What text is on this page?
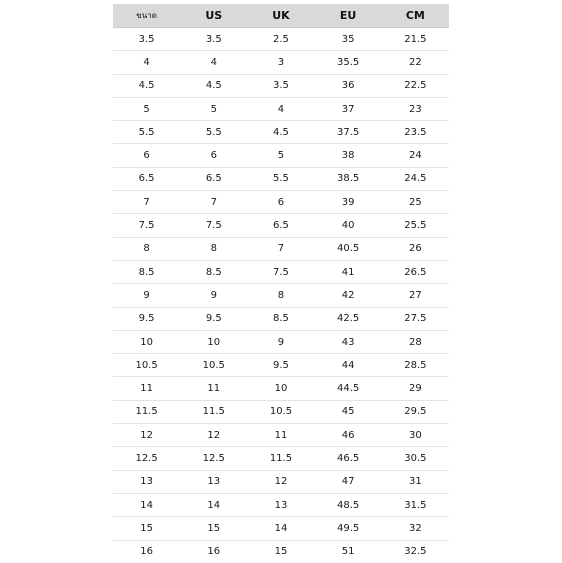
ขนาด	US	UK	EU	CM
3.5	3.5	2.5	35	21.5
4	4	3	35.5	22
4.5	4.5	3.5	36	22.5
5	5	4	37	23
5.5	5.5	4.5	37.5	23.5
6	6	5	38	24
6.5	6.5	5.5	38.5	24.5
7	7	6	39	25
7.5	7.5	6.5	40	25.5
8	8	7	40.5	26
8.5	8.5	7.5	41	26.5
9	9	8	42	27
9.5	9.5	8.5	42.5	27.5
10	10	9	43	28
10.5	10.5	9.5	44	28.5
11	11	10	44.5	29
11.5	11.5	10.5	45	29.5
12	12	11	46	30
12.5	12.5	11.5	46.5	30.5
13	13	12	47	31
14	14	13	48.5	31.5
15	15	14	49.5	32
16	16	15	51	32.5
